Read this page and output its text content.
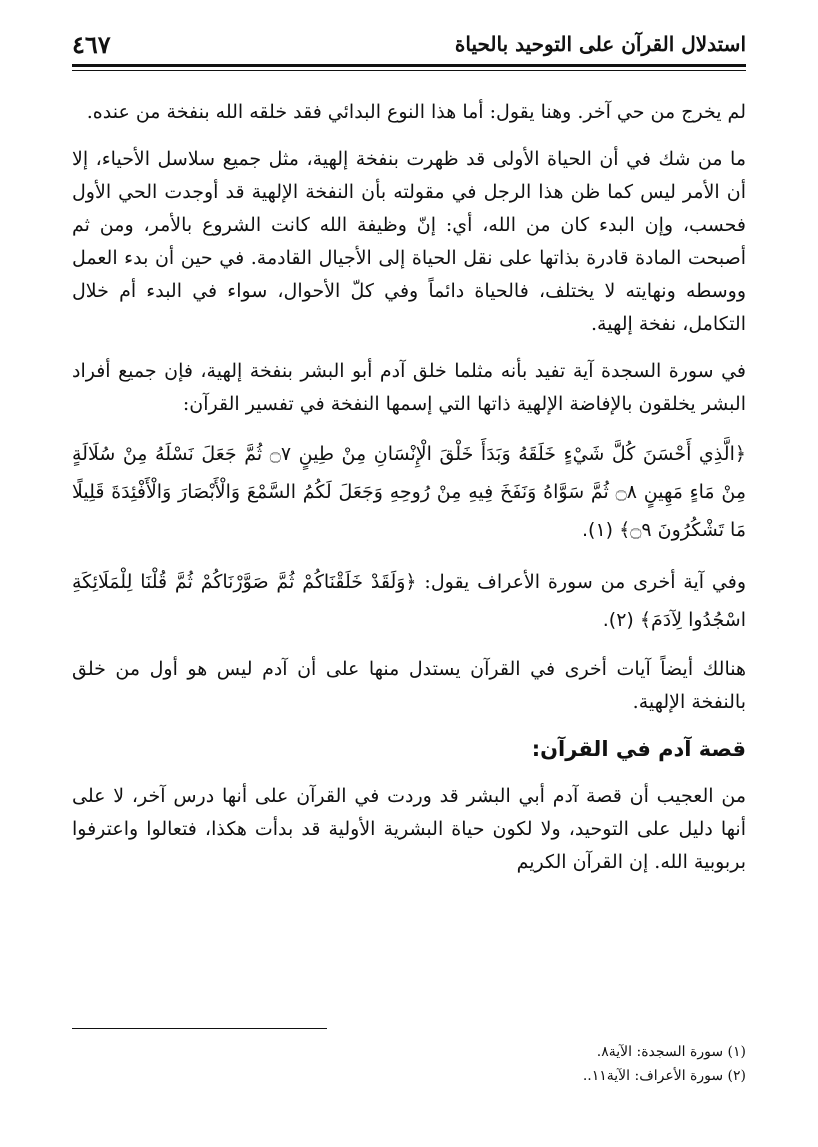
استدلال القرآن على التوحيد بالحياة
٤٦٧

لم يخرج من حي آخر. وهنا يقول: أما هذا النوع البدائي فقد خلقه الله بنفخة من عنده.

ما من شك في أن الحياة الأولى قد ظهرت بنفخة إلهية، مثل جميع سلاسل الأحياء، إلا أن الأمر ليس كما ظن هذا الرجل في مقولته بأن النفخة الإلهية قد أوجدت الحي الأول فحسب، وإن البدء كان من الله، أي: إنّ وظيفة الله كانت الشروع بالأمر، ومن ثم أصبحت المادة قادرة بذاتها على نقل الحياة إلى الأجيال القادمة. في حين أن بدء العمل ووسطه ونهايته لا يختلف، فالحياة دائماً وفي كلّ الأحوال، سواء في البدء أم خلال التكامل، نفخة إلهية.

في سورة السجدة آية تفيد بأنه مثلما خلق آدم أبو البشر بنفخة إلهية، فإن جميع أفراد البشر يخلقون بالإفاضة الإلهية ذاتها التي إسمها النفخة في تفسير القرآن:

﴿الَّذِي أَحْسَنَ كُلَّ شَيْءٍ خَلَقَهُ وَبَدَأَ خَلْقَ الْإِنْسَانِ مِنْ طِينٍ ۝٧ ثُمَّ جَعَلَ نَسْلَهُ مِنْ سُلَالَةٍ مِنْ مَاءٍ مَهِينٍ ۝٨ ثُمَّ سَوَّاهُ وَنَفَخَ فِيهِ مِنْ رُوحِهِ وَجَعَلَ لَكُمُ السَّمْعَ وَالْأَبْصَارَ وَالْأَفْئِدَةَ قَلِيلًا مَا تَشْكُرُونَ ۝٩﴾ (١).

وفي آية أخرى من سورة الأعراف يقول: ﴿وَلَقَدْ خَلَقْنَاكُمْ ثُمَّ صَوَّرْنَاكُمْ ثُمَّ قُلْنَا لِلْمَلَائِكَةِ اسْجُدُوا لِآدَمَ﴾ (٢).

هنالك أيضاً آيات أخرى في القرآن يستدل منها على أن آدم ليس هو أول من خلق بالنفخة الإلهية.

قصة آدم في القرآن:

من العجيب أن قصة آدم أبي البشر قد وردت في القرآن على أنها درس آخر، لا على أنها دليل على التوحيد، ولا لكون حياة البشرية الأولية قد بدأت هكذا، فتعالوا واعترفوا بربوبية الله. إن القرآن الكريم

(١) سورة السجدة: الآية٨.
(٢) سورة الأعراف: الآية١١..
